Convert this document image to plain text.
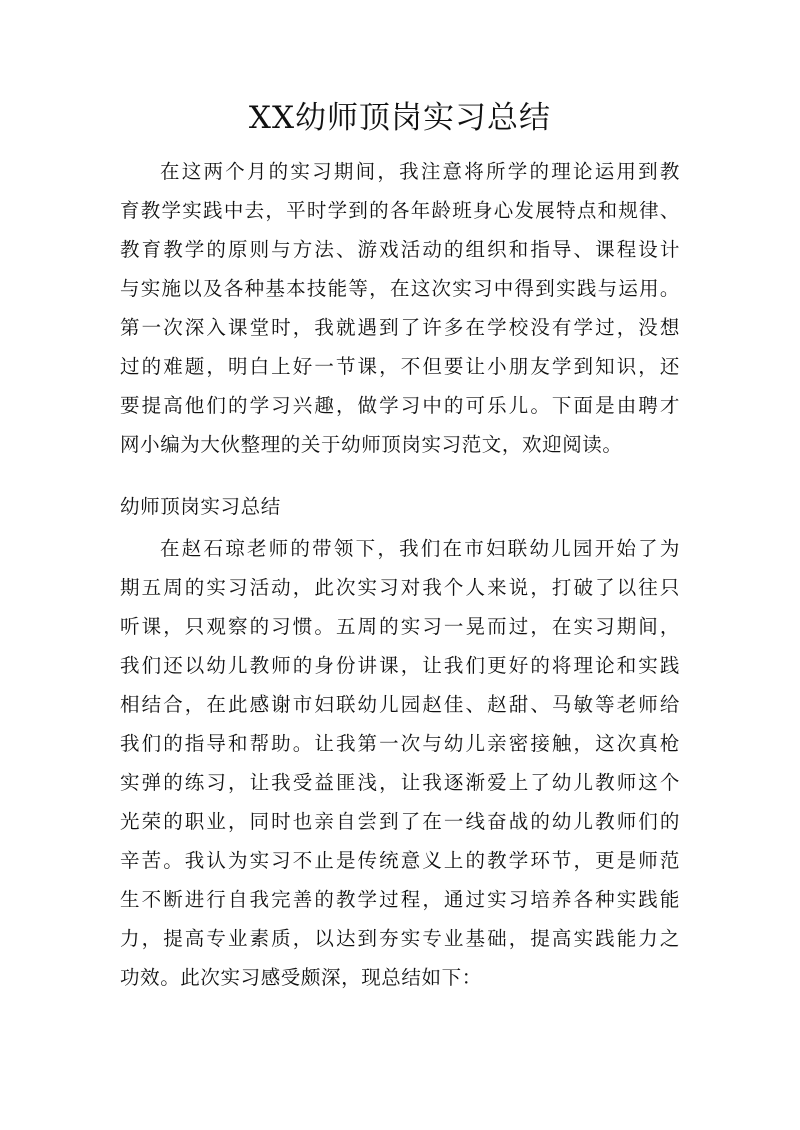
XX幼师顶岗实习总结

在这两个月的实习期间，我注意将所学的理论运用到教

育教学实践中去，平时学到的各年龄班身心发展特点和规律、

教育教学的原则与方法、游戏活动的组织和指导、课程设计

与实施以及各种基本技能等，在这次实习中得到实践与运用。

第一次深入课堂时，我就遇到了许多在学校没有学过，没想

过的难题，明白上好一节课，不但要让小朋友学到知识，还

要提高他们的学习兴趣，做学习中的可乐儿。下面是由聘才

网小编为大伙整理的关于幼师顶岗实习范文，欢迎阅读。

幼师顶岗实习总结

在赵石琼老师的带领下，我们在市妇联幼儿园开始了为

期五周的实习活动，此次实习对我个人来说，打破了以往只

听课，只观察的习惯。五周的实习一晃而过，在实习期间，

我们还以幼儿教师的身份讲课，让我们更好的将理论和实践

相结合，在此感谢市妇联幼儿园赵佳、赵甜、马敏等老师给

我们的指导和帮助。让我第一次与幼儿亲密接触，这次真枪

实弹的练习，让我受益匪浅，让我逐渐爱上了幼儿教师这个

光荣的职业，同时也亲自尝到了在一线奋战的幼儿教师们的

辛苦。我认为实习不止是传统意义上的教学环节，更是师范

生不断进行自我完善的教学过程，通过实习培养各种实践能

力，提高专业素质，以达到夯实专业基础，提高实践能力之

功效。此次实习感受颇深，现总结如下：
